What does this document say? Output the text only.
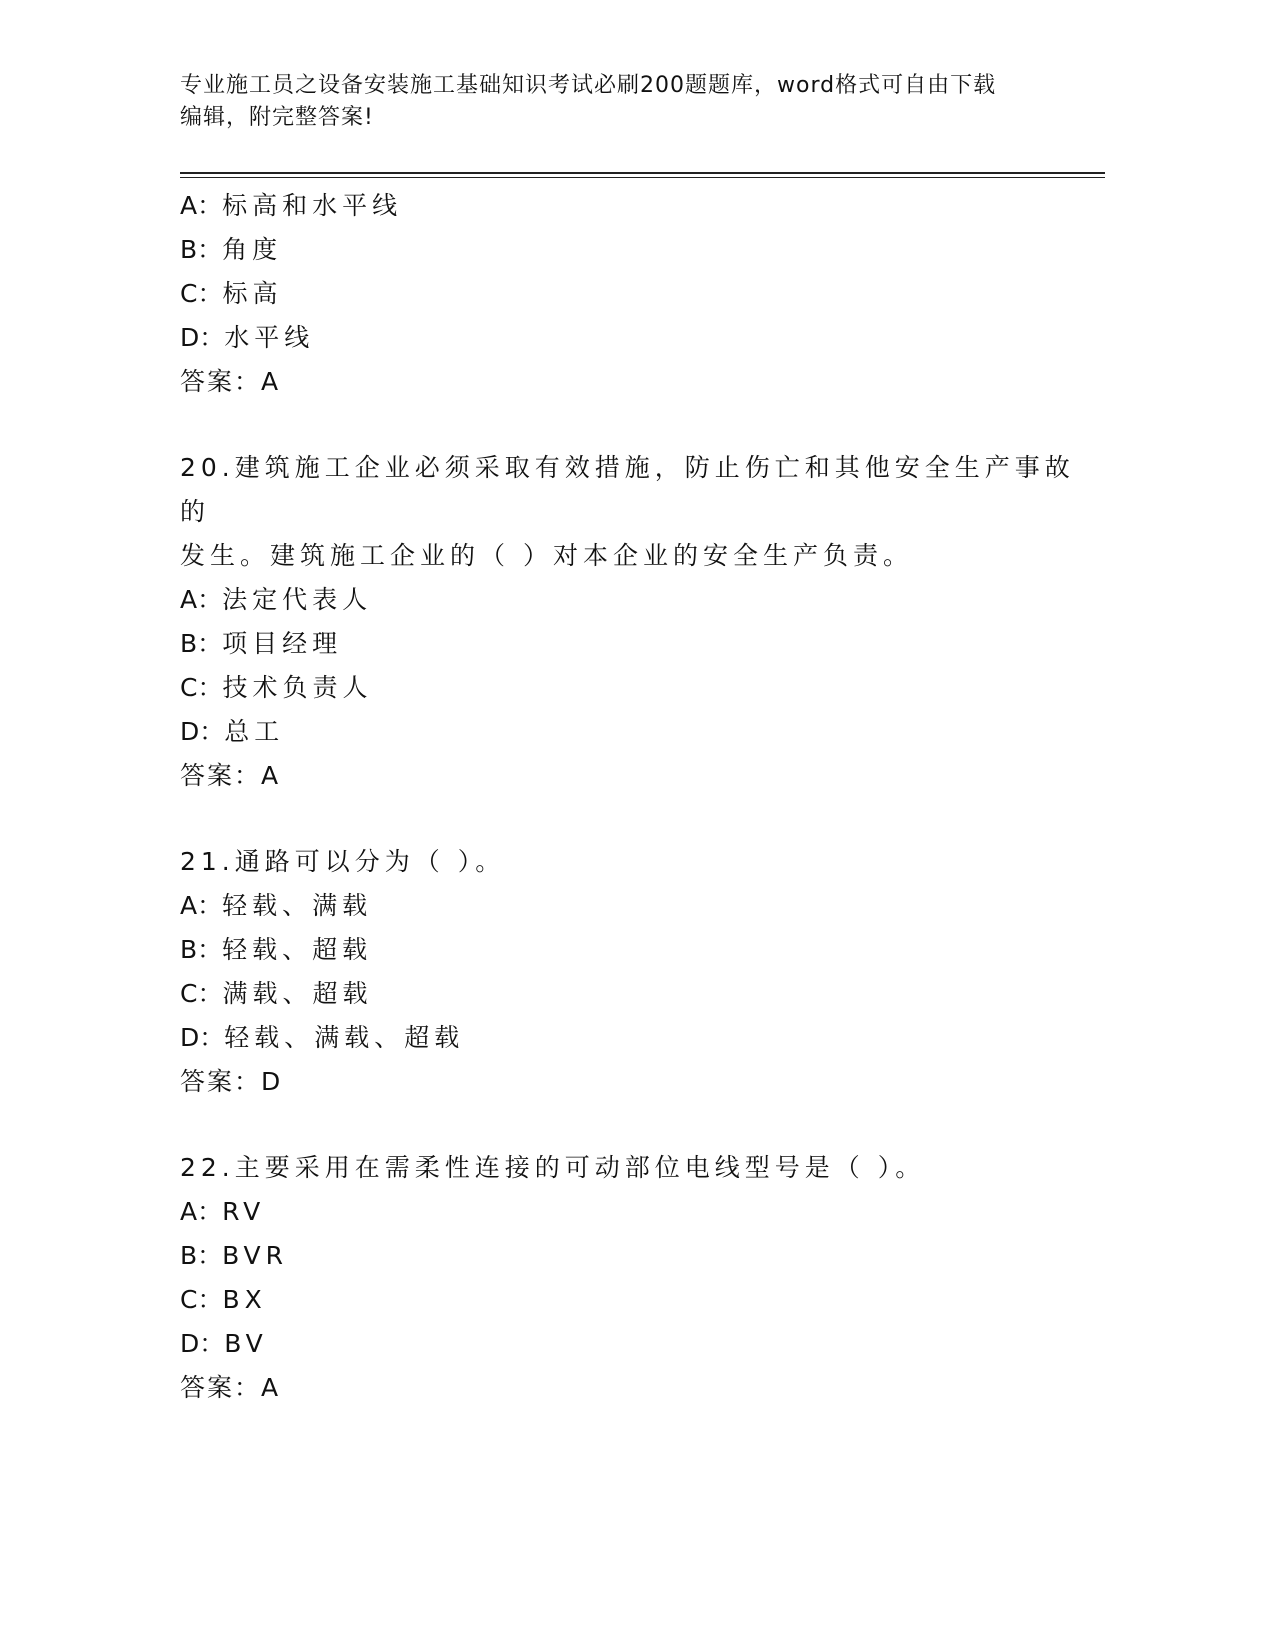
专业施工员之设备安装施工基础知识考试必刷200题题库，word格式可自由下载
编辑，附完整答案!
A：标高和水平线
B：角度
C：标高
D：水平线
答案：A
20.建筑施工企业必须采取有效措施，防止伤亡和其他安全生产事故的
发生。建筑施工企业的（ ）对本企业的安全生产负责。
A：法定代表人
B：项目经理
C：技术负责人
D：总工
答案：A
21.通路可以分为（ ）。
A：轻载、满载
B：轻载、超载
C：满载、超载
D：轻载、满载、超载
答案：D
22.主要采用在需柔性连接的可动部位电线型号是（ ）。
A：RV
B：BVR
C：BX
D：BV
答案：A
